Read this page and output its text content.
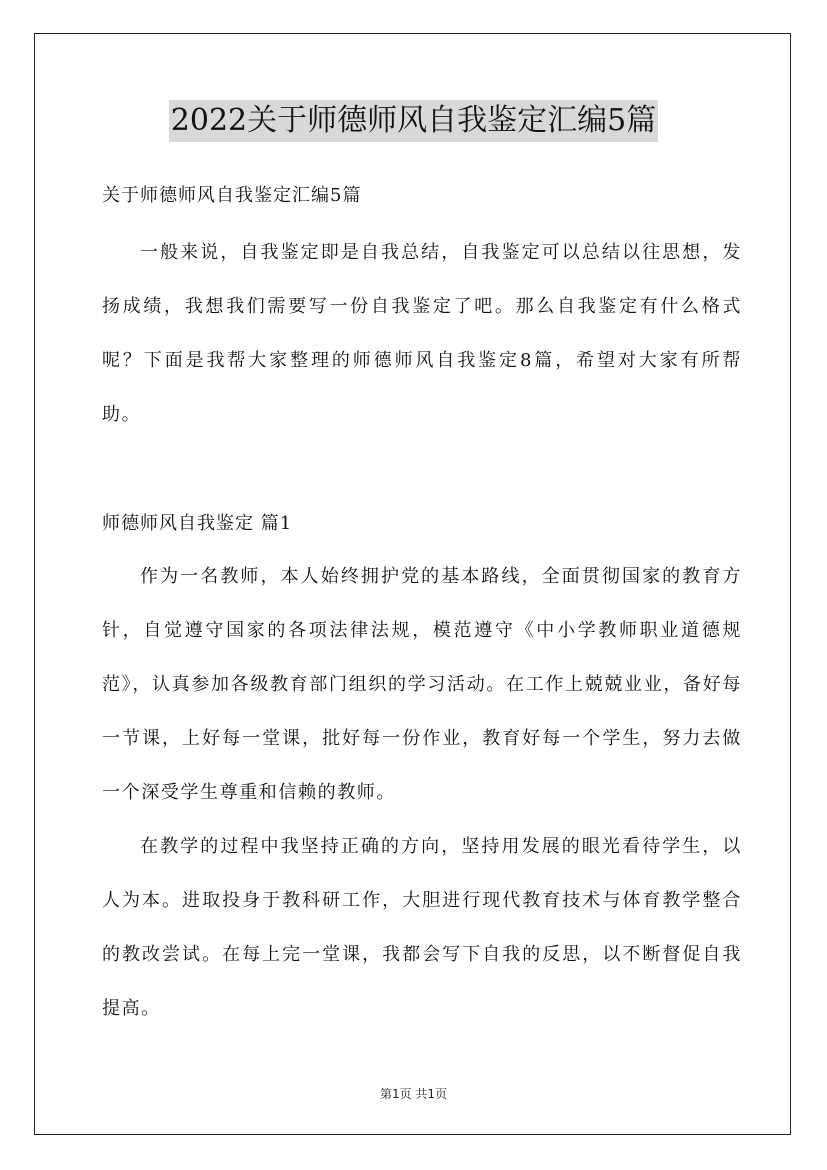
2022关于师德师风自我鉴定汇编5篇

关于师德师风自我鉴定汇编5篇

一般来说，自我鉴定即是自我总结，自我鉴定可以总结以往思想，发扬成绩，我想我们需要写一份自我鉴定了吧。那么自我鉴定有什么格式呢？下面是我帮大家整理的师德师风自我鉴定8篇，希望对大家有所帮助。

师德师风自我鉴定 篇1

作为一名教师，本人始终拥护党的基本路线，全面贯彻国家的教育方针，自觉遵守国家的各项法律法规，模范遵守《中小学教师职业道德规范》，认真参加各级教育部门组织的学习活动。在工作上兢兢业业，备好每一节课，上好每一堂课，批好每一份作业，教育好每一个学生，努力去做一个深受学生尊重和信赖的教师。

在教学的过程中我坚持正确的方向，坚持用发展的眼光看待学生，以人为本。进取投身于教科研工作，大胆进行现代教育技术与体育教学整合的教改尝试。在每上完一堂课，我都会写下自我的反思，以不断督促自我提高。

第1页 共1页
